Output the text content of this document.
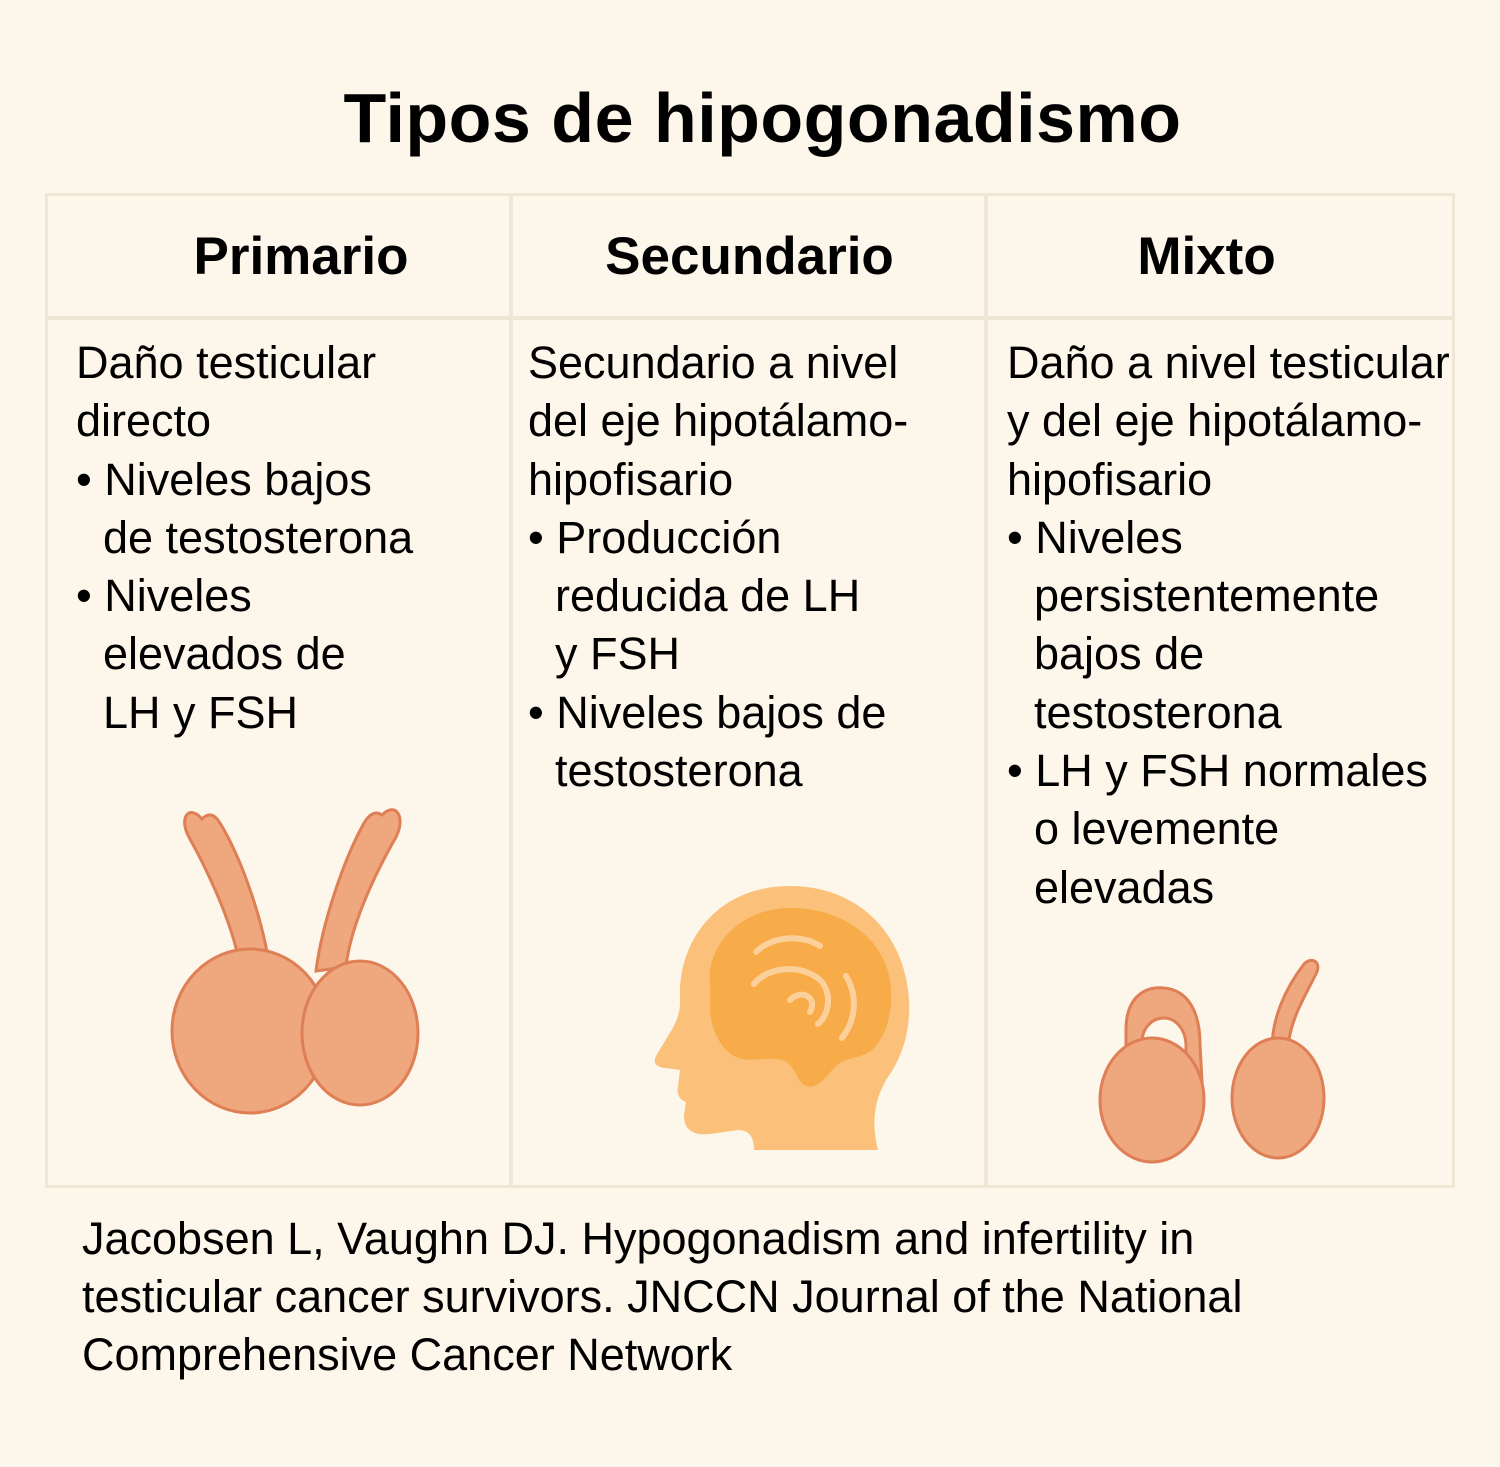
Tipos de hipogonadismo
Primario	Secundario	Mixto
Daño testicular
directo
• Niveles bajos
de testosterona
• Niveles
elevados de
LH y FSH
Secundario a nivel
del eje hipotálamo-
hipofisario
• Producción
reducida de LH
y FSH
• Niveles bajos de
testosterona
Daño a nivel testicular
y del eje hipotálamo-
hipofisario
• Niveles
persistentemente
bajos de
testosterona
• LH y FSH normales
o levemente
elevadas
Jacobsen L, Vaughn DJ. Hypogonadism and infertility in
testicular cancer survivors. JNCCN Journal of the National
Comprehensive Cancer Network
